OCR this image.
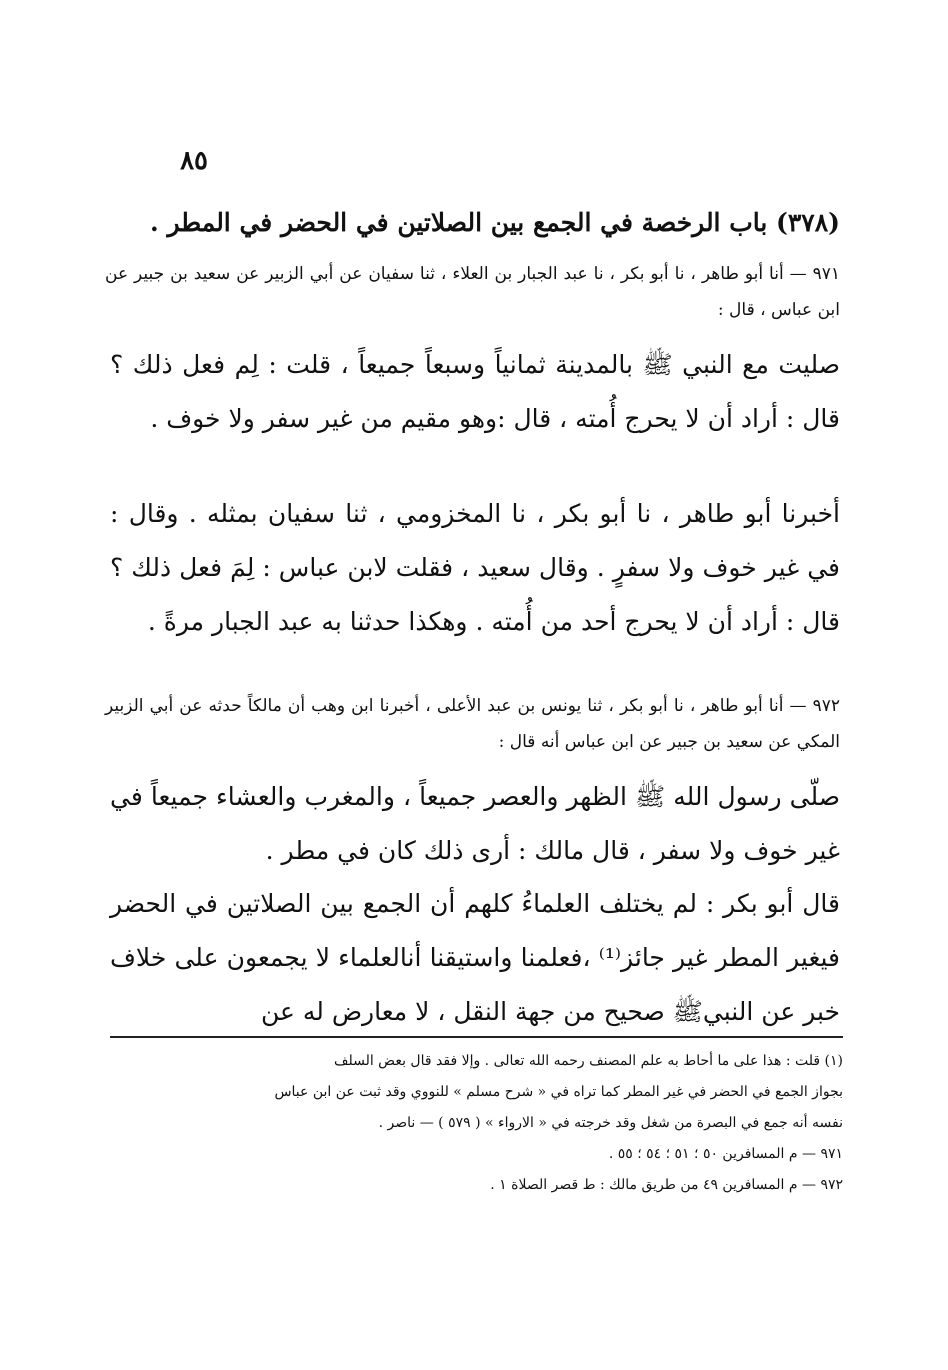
٨٥
(٣٧٨) باب الرخصة في الجمع بين الصلاتين في الحضر في المطر .
٩٧١ — أنا أبو طاهر ، نا أبو بكر ، نا عبد الجبار بن العلاء ، ثنا سفيان عن أبي الزبير عن سعيد بن جبير عن ابن عباس ، قال :
صليت مع النبي ﷺ بالمدينة ثمانياً وسبعاً جميعاً ، قلت : لِم فعل ذلك ؟ قال : أراد أن لا يحرج أُمته ، قال :وهو مقيم من غير سفر ولا خوف .
أخبرنا أبو طاهر ، نا أبو بكر ، نا المخزومي ، ثنا سفيان بمثله . وقال : في غير خوف ولا سفرٍ . وقال سعيد ، فقلت لابن عباس : لِمَ فعل ذلك ؟ قال : أراد أن لا يحرج أحد من أُمته . وهكذا حدثنا به عبد الجبار مرةً .
٩٧٢ — أنا أبو طاهر ، نا أبو بكر ، ثنا يونس بن عبد الأعلى ، أخبرنا ابن وهب أن مالكاً حدثه عن أبي الزبير المكي عن سعيد بن جبير عن ابن عباس أنه قال :
صلّى رسول الله ﷺ الظهر والعصر جميعاً ، والمغرب والعشاء جميعاً في غير خوف ولا سفر ، قال مالك : أرى ذلك كان في مطر .
قال أبو بكر : لم يختلف العلماءُ كلهم أن الجمع بين الصلاتين في الحضر فيغير المطر غير جائز⁽¹⁾ ،فعلمنا واستيقنا أنالعلماء لا يجمعون على خلاف خبر عن النبيﷺ صحيح من جهة النقل ، لا معارض له عن
(١) قلت : هذا على ما أحاط به علم المصنف رحمه الله تعالى . وإلا فقد قال بعض السلف
بجواز الجمع في الحضر في غير المطر كما تراه في « شرح مسلم » للنووي وقد ثبت عن ابن عباس
نفسه أنه جمع في البصرة من شغل وقد خرجته في « الارواء » ( ٥٧٩ ) — ناصر .
٩٧١ — م المسافرين ٥٠ ؛ ٥١ ؛ ٥٤ ؛ ٥٥ .
٩٧٢ — م المسافرين ٤٩ من طريق مالك : ط قصر الصلاة ١ .
